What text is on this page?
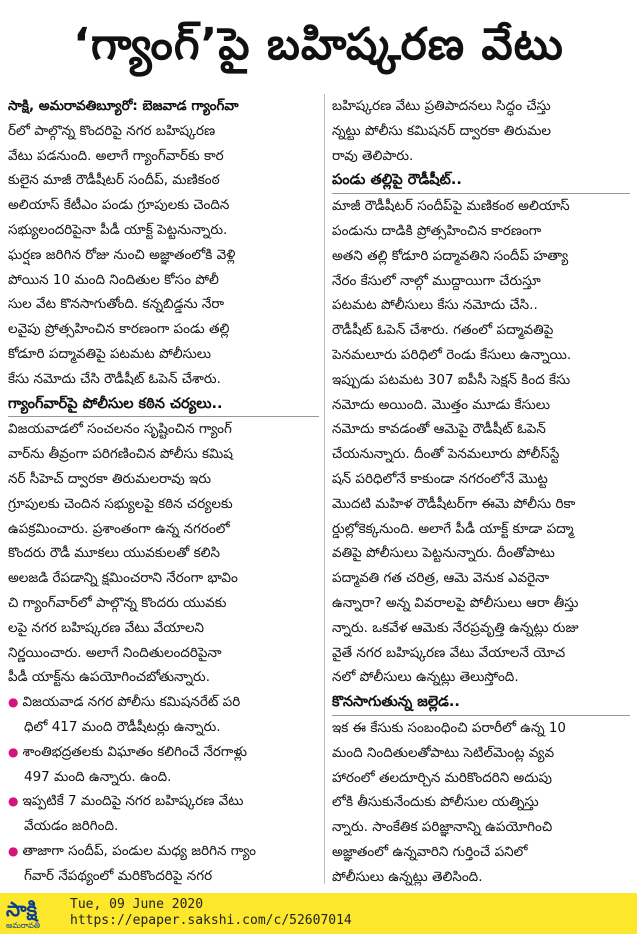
‘గ్యాంగ్’పై బహిష్కరణ వేటు
సాక్షి, అమరావతిబ్యూరో: బెజవాడ గ్యాంగ్‌వా
ర్‌లో పాల్గొన్న కొందరిపై నగర బహిష్కరణ
వేటు పడనుంది. అలాగే గ్యాంగ్‌వార్‌కు కార
కులైన మాజీ రౌడీషీటర్ సందీప్, మణికంఠ
అలియాస్ కేటీఎం పండు గ్రూపులకు చెందిన
సభ్యులందరిపైనా పీడీ యాక్ట్ పెట్టనున్నారు.
ఘర్షణ జరిగిన రోజు నుంచి అజ్ఞాతంలోకి వెళ్లి
పోయిన 10 మంది నిందితుల కోసం పోలీ
సుల వేట కొనసాగుతోంది. కన్నబిడ్డను నేరా
లవైపు ప్రోత్సహించిన కారణంగా పండు తల్లి
కోడూరి పద్మావతిపై పటమట పోలీసులు
కేసు నమోదు చేసి రౌడీషీట్ ఓపెన్ చేశారు.
గ్యాంగ్‌వార్‌పై పోలీసుల కఠిన చర్యలు..
విజయవాడలో సంచలనం సృష్టించిన గ్యాంగ్
వార్‌ను తీవ్రంగా పరిగణించిన పోలీసు కమిష
నర్ సీహెచ్ ద్వారకా తిరుమలరావు ఇరు
గ్రూపులకు చెందిన సభ్యులపై కఠిన చర్యలకు
ఉపక్రమించారు. ప్రశాంతంగా ఉన్న నగరంలో
కొందరు రౌడీ మూకలు యువకులతో కలిసి
అలజడి రేపడాన్ని క్షమించరాని నేరంగా భావిం
చి గ్యాంగ్‌వార్‌లో పాల్గొన్న కొందరు యువకు
లపై నగర బహిష్కరణ వేటు వేయాలని
నిర్ణయించారు. అలాగే నిందితులందరిపైనా
పీడీ యాక్ట్‌ను ఉపయోగించబోతున్నారు.
● విజయవాడ నగర పోలీసు కమిషనరేట్ పరి
ధిలో 417 మంది రౌడీషీటర్లు ఉన్నారు.
● శాంతిభద్రతలకు విఘాతం కలిగించే నేరగాళ్లు
497 మంది ఉన్నారు. ఉంది.
● ఇప్పటికే 7 మందిపై నగర బహిష్కరణ వేటు
వేయడం జరిగింది.
● తాజాగా సందీప్, పండుల మధ్య జరిగిన గ్యాం
గ్‌వార్ నేపథ్యంలో మరికొందరిపై నగర
బహిష్కరణ వేటు ప్రతిపాదనలు సిద్ధం చేస్తు
న్నట్టు పోలీసు కమిషనర్ ద్వారకా తిరుమల
రావు తెలిపారు.
పండు తల్లిపై రౌడీషీట్..
మాజీ రౌడీషీటర్ సందీప్‌పై మణికంఠ అలియాస్
పండును దాడికి ప్రోత్సహించిన కారణంగా
అతని తల్లి కోడూరి పద్మావతిని సందీప్ హత్యా
నేరం కేసులో నాల్గో ముద్దాయిగా చేరుస్తూ
పటమట పోలీసులు కేసు నమోదు చేసి..
రౌడీషీట్ ఓపెన్ చేశారు. గతంలో పద్మావతిపై
పెనమలూరు పరిధిలో రెండు కేసులు ఉన్నాయి.
ఇప్పుడు పటమట 307 ఐపీసీ సెక్షన్ కింద కేసు
నమోదు అయింది. మొత్తం మూడు కేసులు
నమోదు కావడంతో ఆమెపై రౌడీషీట్ ఓపెన్
చేయనున్నారు. దీంతో పెనమలూరు పోలీస్‌స్టే
షన్ పరిధిలోనే కాకుండా నగరంలోనే మొట్ట
మొదటి మహిళ రౌడీషీటర్‌గా ఈమె పోలీసు రికా
ర్డుల్లోకెక్కనుంది. అలాగే పీడీ యాక్ట్ కూడా పద్మా
వతిపై పోలీసులు పెట్టనున్నారు. దీంతోపాటు
పద్మావతి గత చరిత్ర, ఆమె వెనుక ఎవరైనా
ఉన్నారా? అన్న వివరాలపై పోలీసులు ఆరా తీస్తు
న్నారు. ఒకవేళ ఆమెకు నేరప్రవృత్తి ఉన్నట్లు రుజు
వైతే నగర బహిష్కరణ వేటు వేయాలనే యోచ
నలో పోలీసులు ఉన్నట్లు తెలుస్తోంది.
కొనసాగుతున్న జల్లెడ..
ఇక ఈ కేసుకు సంబంధించి పరారీలో ఉన్న 10
మంది నిందితులతోపాటు సెటిల్‌మెంట్ల వ్యవ
హారంలో తలదూర్చిన మరికొందరిని అదుపు
లోకి తీసుకునేందుకు పోలీసుల యత్నిస్తు
న్నారు. సాంకేతిక పరిజ్ఞానాన్ని ఉపయోగించి
అజ్ఞాతంలో ఉన్నవారిని గుర్తించే పనిలో
పోలీసులు ఉన్నట్లు తెలిసింది.
సాక్షి
అమరావతి
Tue, 09 June 2020
https://epaper.sakshi.com/c/52607014
